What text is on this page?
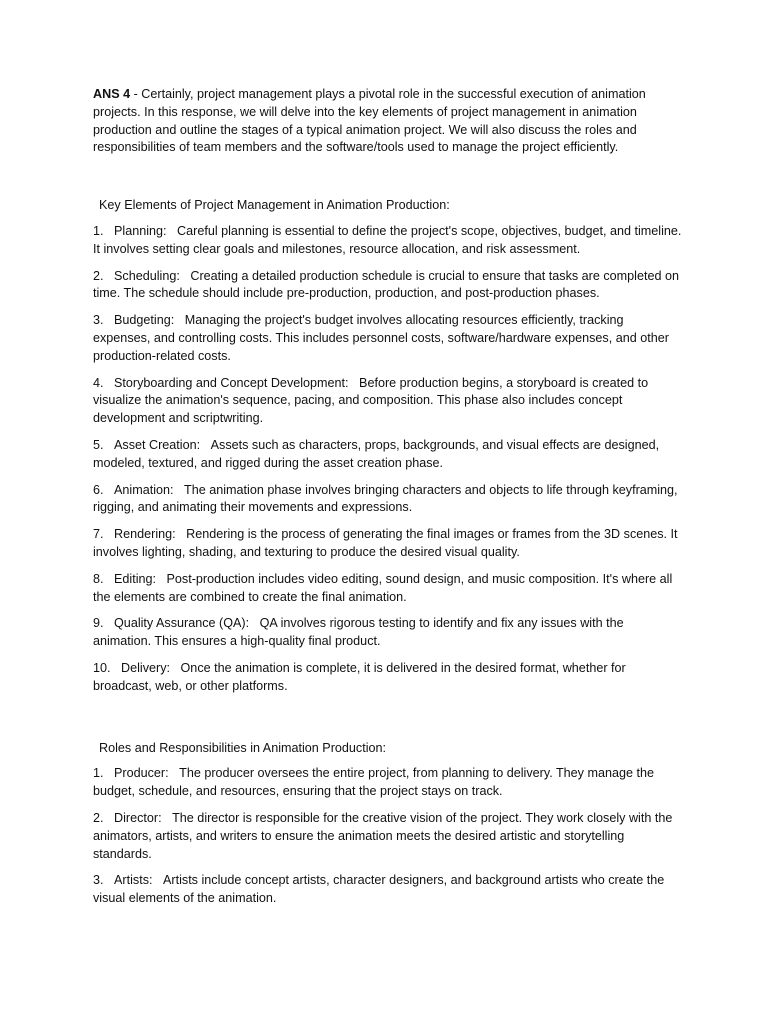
ANS 4 - Certainly, project management plays a pivotal role in the successful execution of animation projects. In this response, we will delve into the key elements of project management in animation production and outline the stages of a typical animation project. We will also discuss the roles and responsibilities of team members and the software/tools used to manage the project efficiently.

Key Elements of Project Management in Animation Production:

1. Planning: Careful planning is essential to define the project's scope, objectives, budget, and timeline. It involves setting clear goals and milestones, resource allocation, and risk assessment.

2. Scheduling: Creating a detailed production schedule is crucial to ensure that tasks are completed on time. The schedule should include pre-production, production, and post-production phases.

3. Budgeting: Managing the project's budget involves allocating resources efficiently, tracking expenses, and controlling costs. This includes personnel costs, software/hardware expenses, and other production-related costs.

4. Storyboarding and Concept Development: Before production begins, a storyboard is created to visualize the animation's sequence, pacing, and composition. This phase also includes concept development and scriptwriting.

5. Asset Creation: Assets such as characters, props, backgrounds, and visual effects are designed, modeled, textured, and rigged during the asset creation phase.

6. Animation: The animation phase involves bringing characters and objects to life through keyframing, rigging, and animating their movements and expressions.

7. Rendering: Rendering is the process of generating the final images or frames from the 3D scenes. It involves lighting, shading, and texturing to produce the desired visual quality.

8. Editing: Post-production includes video editing, sound design, and music composition. It's where all the elements are combined to create the final animation.

9. Quality Assurance (QA): QA involves rigorous testing to identify and fix any issues with the animation. This ensures a high-quality final product.

10. Delivery: Once the animation is complete, it is delivered in the desired format, whether for broadcast, web, or other platforms.

Roles and Responsibilities in Animation Production:

1. Producer: The producer oversees the entire project, from planning to delivery. They manage the budget, schedule, and resources, ensuring that the project stays on track.

2. Director: The director is responsible for the creative vision of the project. They work closely with the animators, artists, and writers to ensure the animation meets the desired artistic and storytelling standards.

3. Artists: Artists include concept artists, character designers, and background artists who create the visual elements of the animation.
